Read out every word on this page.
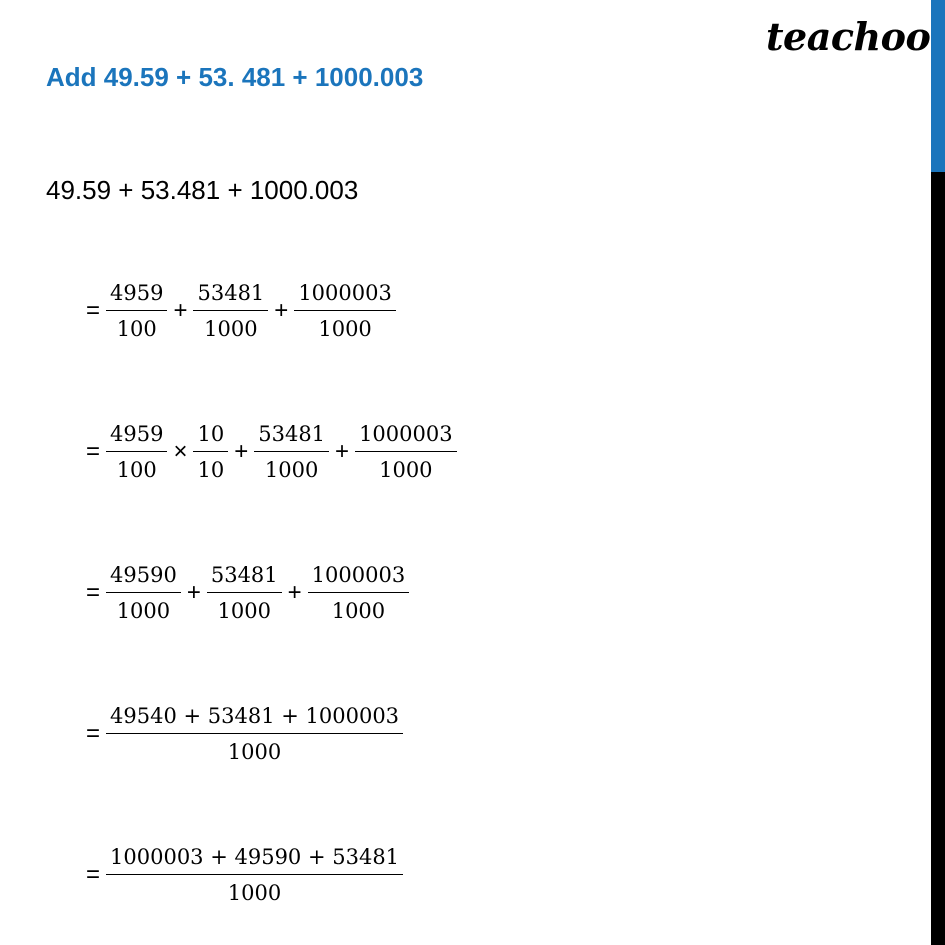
teachoo
Add 49.59 + 53. 481 + 1000.003
49.59 + 53.481 + 1000.003
= $\frac{4959}{100} + \frac{53481}{1000} + \frac{1000003}{1000}$
= $\frac{4959}{100} \times \frac{10}{10} + \frac{53481}{1000} + \frac{1000003}{1000}$
= $\frac{49590}{1000} + \frac{53481}{1000} + \frac{1000003}{1000}$
= $\frac{49540 + 53481 + 1000003}{1000}$
= $\frac{1000003 + 49590 + 53481}{1000}$
